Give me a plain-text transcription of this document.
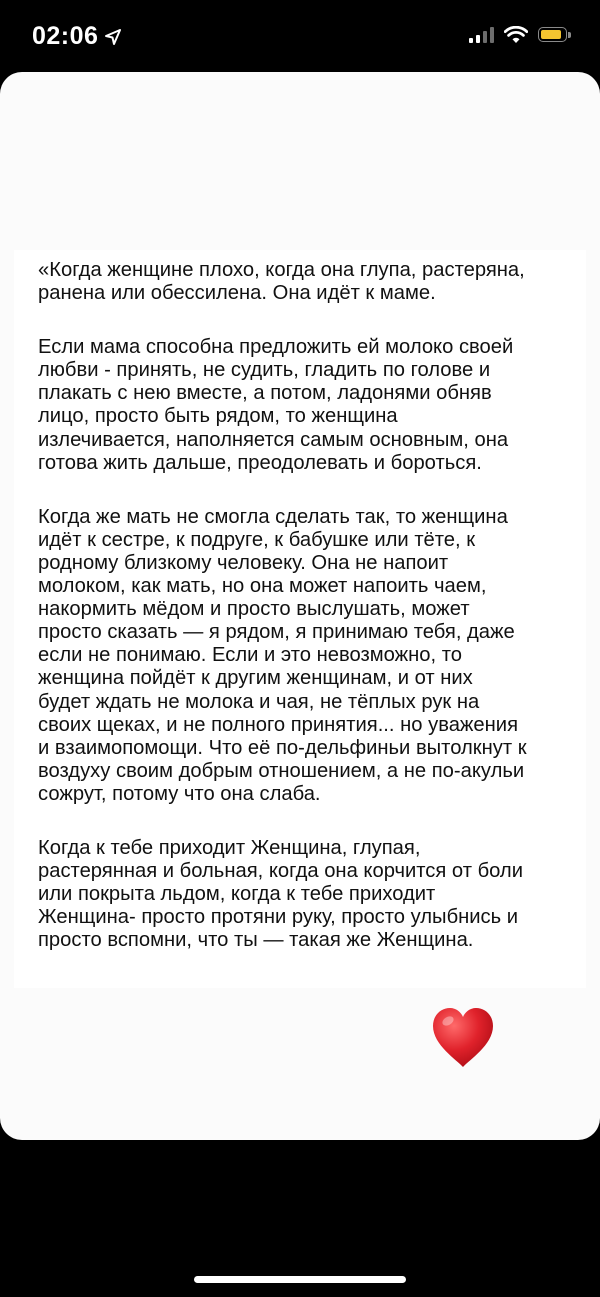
02:06

«Когда женщине плохо, когда она глупа, растеряна,
ранена или обессилена. Она идёт к маме.

Если мама способна предложить ей молоко своей
любви - принять, не судить, гладить по голове и
плакать с нею вместе, а потом, ладонями обняв
лицо, просто быть рядом, то женщина
излечивается, наполняется самым основным, она
готова жить дальше, преодолевать и бороться.

Когда же мать не смогла сделать так, то женщина
идёт к сестре, к подруге, к бабушке или тёте, к
родному близкому человеку. Она не напоит
молоком, как мать, но она может напоить чаем,
накормить мёдом и просто выслушать, может
просто сказать — я рядом, я принимаю тебя, даже
если не понимаю. Если и это невозможно, то
женщина пойдёт к другим женщинам, и от них
будет ждать не молока и чая, не тёплых рук на
своих щеках, и не полного принятия... но уважения
и взаимопомощи. Что её по-дельфиньи вытолкнут к
воздуху своим добрым отношением, а не по-акульи
сожрут, потому что она слаба.

Когда к тебе приходит Женщина, глупая,
растерянная и больная, когда она корчится от боли
или покрыта льдом, когда к тебе приходит
Женщина- просто протяни руку, просто улыбнись и
просто вспомни, что ты — такая же Женщина.
